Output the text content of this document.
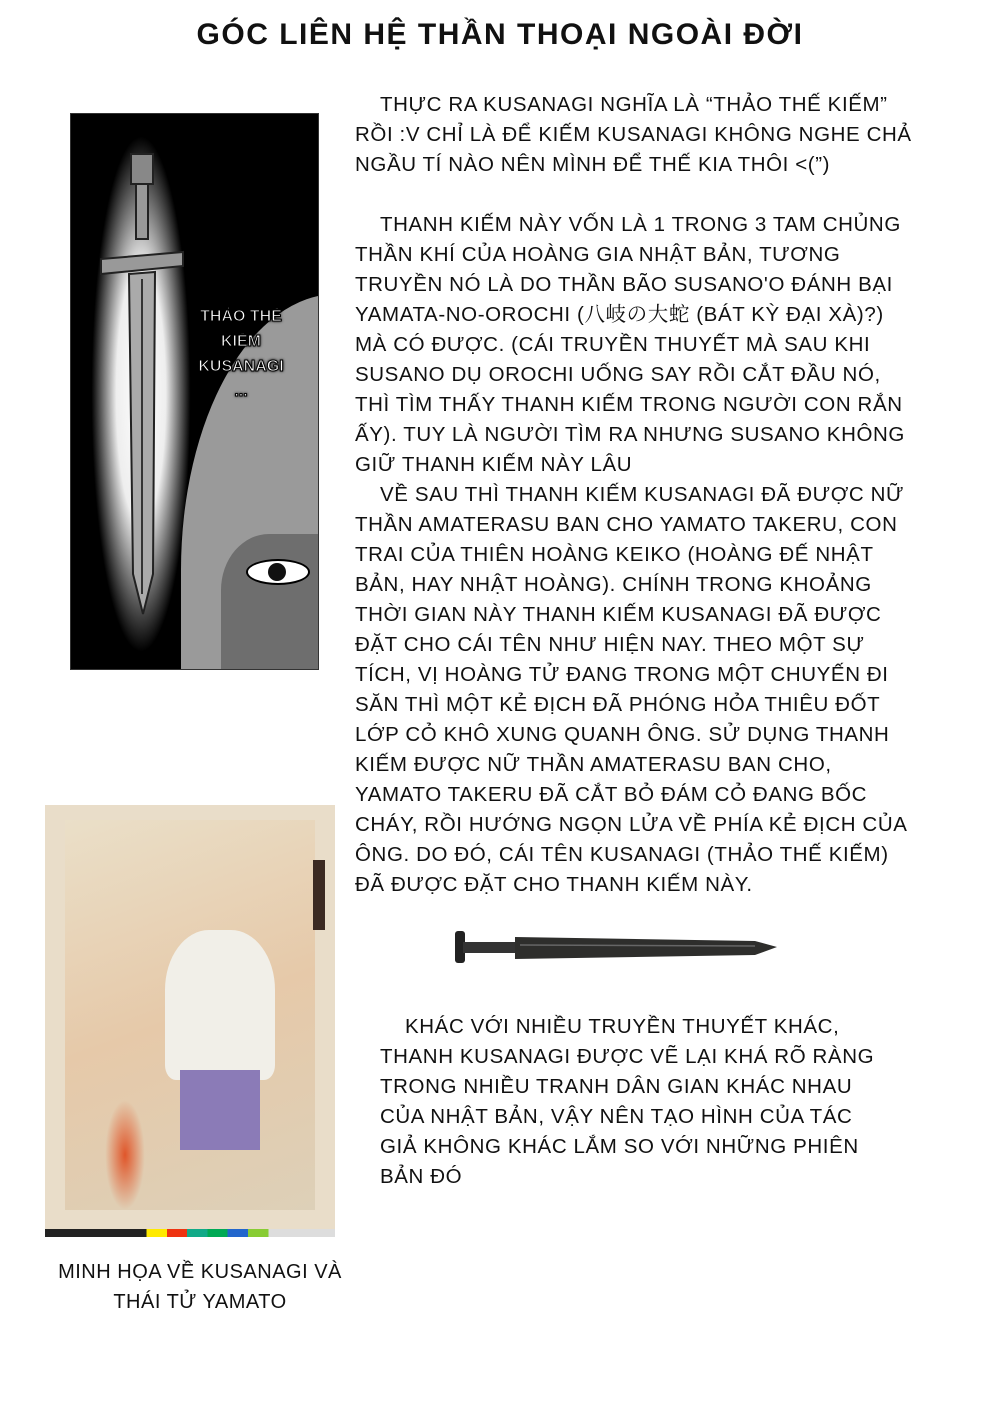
GÓC LIÊN HỆ THẦN THOẠI NGOÀI ĐỜI
THẢO THẾ
KIẾM
KUSANAGI
...
THỰC RA KUSANAGI NGHĨA LÀ “THẢO THẾ KIẾM”
RỒI :V CHỈ LÀ ĐỂ KIẾM KUSANAGI KHÔNG NGHE CHẢ
NGẦU TÍ NÀO NÊN MÌNH ĐỂ THẾ KIA THÔI <(”)
THANH KIẾM NÀY VỐN LÀ 1 TRONG 3 TAM CHỦNG
THẦN KHÍ CỦA HOÀNG GIA NHẬT BẢN, TƯƠNG
TRUYỀN NÓ LÀ DO THẦN BÃO SUSANO'O ĐÁNH BẠI
YAMATA-NO-OROCHI (八岐の大蛇 (BÁT KỲ ĐẠI XÀ)?)
MÀ CÓ ĐƯỢC. (CÁI TRUYỀN THUYẾT MÀ SAU KHI
SUSANO DỤ OROCHI UỐNG SAY RỒI CẮT ĐẦU NÓ,
THÌ TÌM THẤY THANH KIẾM TRONG NGƯỜI CON RẮN
ẤY). TUY LÀ NGƯỜI TÌM RA NHƯNG SUSANO KHÔNG
GIỮ THANH KIẾM NÀY LÂU
VỀ SAU THÌ THANH KIẾM KUSANAGI ĐÃ ĐƯỢC NỮ
THẦN AMATERASU BAN CHO YAMATO TAKERU, CON
TRAI CỦA THIÊN HOÀNG KEIKO (HOÀNG ĐẾ NHẬT
BẢN, HAY NHẬT HOÀNG). CHÍNH TRONG KHOẢNG
THỜI GIAN NÀY THANH KIẾM KUSANAGI ĐÃ ĐƯỢC
ĐẶT CHO CÁI TÊN NHƯ HIỆN NAY. THEO MỘT SỰ
TÍCH, VỊ HOÀNG TỬ ĐANG TRONG MỘT CHUYẾN ĐI
SĂN THÌ MỘT KẺ ĐỊCH ĐÃ PHÓNG HỎA THIÊU ĐỐT
LỚP CỎ KHÔ XUNG QUANH ÔNG. SỬ DỤNG THANH
KIẾM ĐƯỢC NỮ THẦN AMATERASU BAN CHO,
YAMATO TAKERU ĐÃ CẮT BỎ ĐÁM CỎ ĐANG BỐC
CHÁY, RỒI HƯỚNG NGỌN LỬA VỀ PHÍA KẺ ĐỊCH CỦA
ÔNG. DO ĐÓ, CÁI TÊN KUSANAGI (THẢO THẾ KIẾM)
ĐÃ ĐƯỢC ĐẶT CHO THANH KIẾM NÀY.
KHÁC VỚI NHIỀU TRUYỀN THUYẾT KHÁC,
THANH KUSANAGI ĐƯỢC VẼ LẠI KHÁ RÕ RÀNG
TRONG NHIỀU TRANH DÂN GIAN KHÁC NHAU
CỦA NHẬT BẢN, VẬY NÊN TẠO HÌNH CỦA TÁC
GIẢ KHÔNG KHÁC LẮM SO VỚI NHỮNG PHIÊN
BẢN ĐÓ
MINH HỌA VỀ KUSANAGI VÀ
THÁI TỬ YAMATO
